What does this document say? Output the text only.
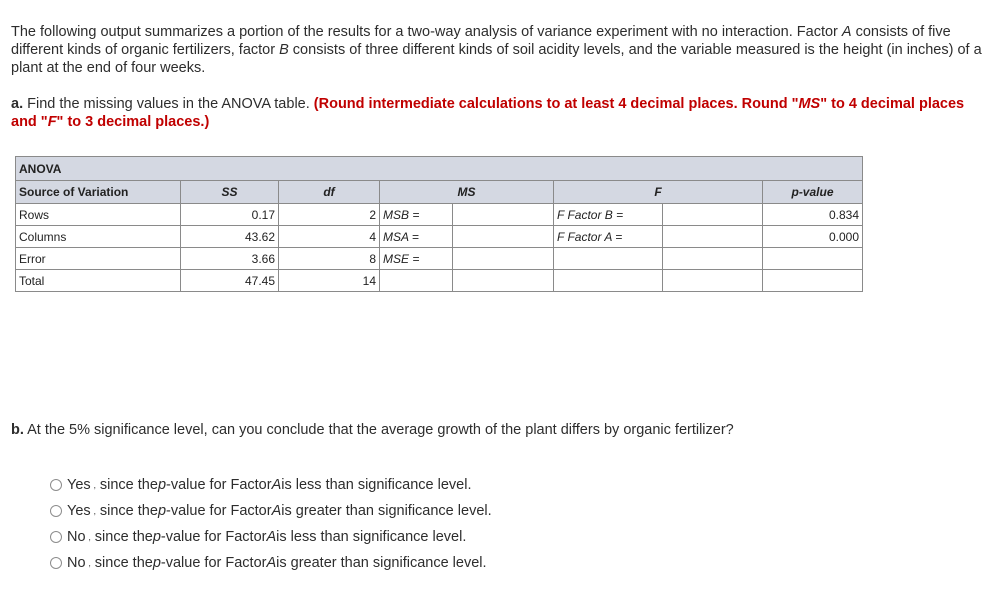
The following output summarizes a portion of the results for a two-way analysis of variance experiment with no interaction. Factor A consists of five different kinds of organic fertilizers, factor B consists of three different kinds of soil acidity levels, and the variable measured is the height (in inches) of a plant at the end of four weeks.

a. Find the missing values in the ANOVA table. (Round intermediate calculations to at least 4 decimal places. Round "MS" to 4 decimal places and "F" to 3 decimal places.)

ANOVA							
Source of Variation	SS	df	MS		F		p-value
Rows	0.17	2	MSB =		F Factor B =		0.834
Columns	43.62	4	MSA =		F Factor A =		0.000
Error	3.66	8	MSE =				
Total	47.45	14					

b. At the 5% significance level, can you conclude that the average growth of the plant differs by organic fertilizer?

Yes ‚ since the p -value for Factor A is less than significance level.
Yes ‚ since the p -value for Factor A is greater than significance level.
No ‚ since the p -value for Factor A is less than significance level.
No ‚ since the p -value for Factor A is greater than significance level.
